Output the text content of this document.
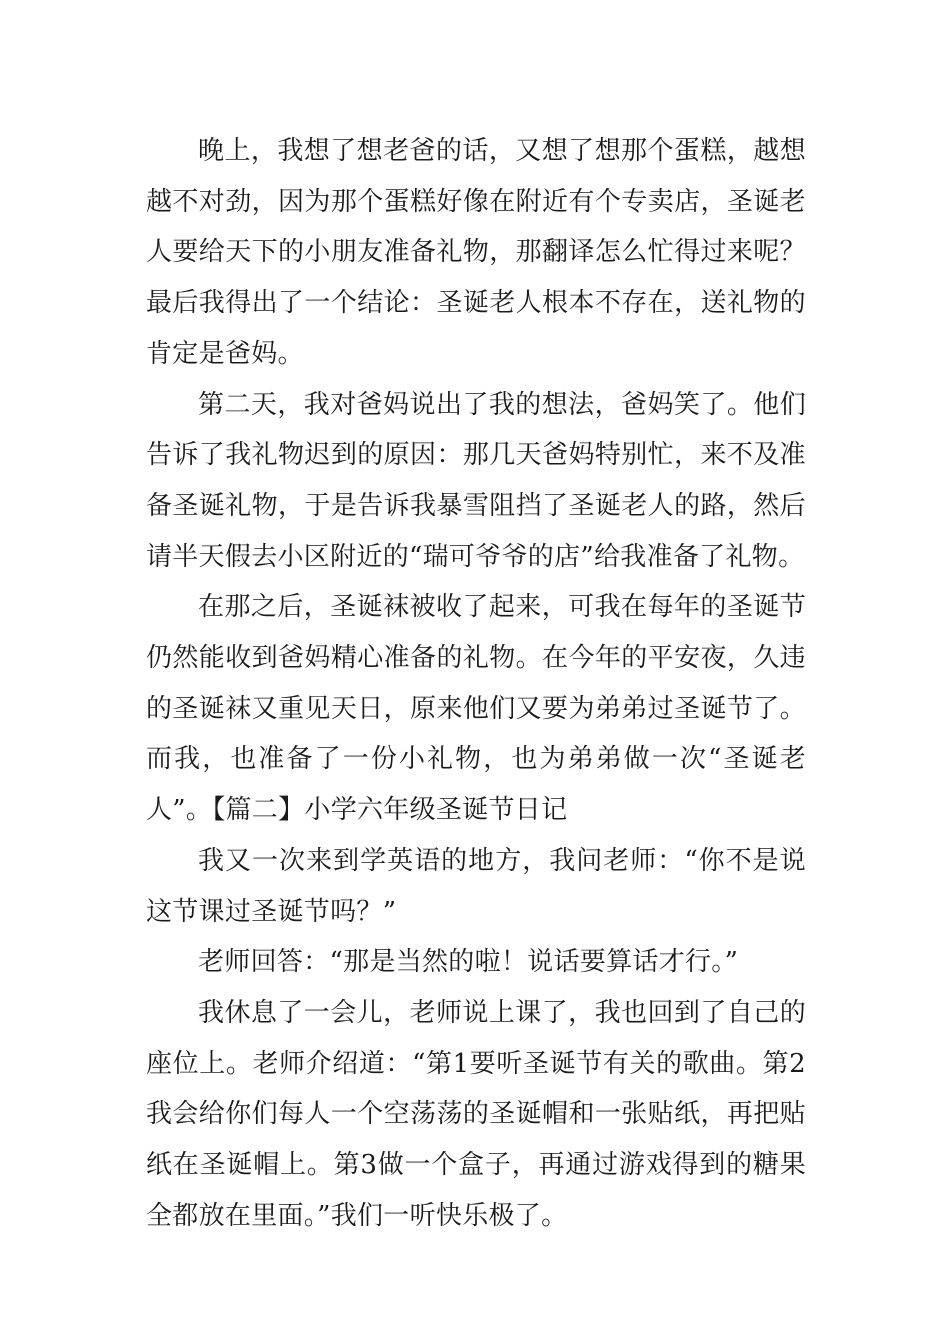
晚上，我想了想老爸的话，又想了想那个蛋糕，越想越不对劲，因为那个蛋糕好像在附近有个专卖店，圣诞老人要给天下的小朋友准备礼物，那翻译怎么忙得过来呢？最后我得出了一个结论：圣诞老人根本不存在，送礼物的肯定是爸妈。

第二天，我对爸妈说出了我的想法，爸妈笑了。他们告诉了我礼物迟到的原因：那几天爸妈特别忙，来不及准备圣诞礼物，于是告诉我暴雪阻挡了圣诞老人的路，然后请半天假去小区附近的“瑞可爷爷的店”给我准备了礼物。

在那之后，圣诞袜被收了起来，可我在每年的圣诞节仍然能收到爸妈精心准备的礼物。在今年的平安夜，久违的圣诞袜又重见天日，原来他们又要为弟弟过圣诞节了。而我，也准备了一份小礼物，也为弟弟做一次“圣诞老人”。【篇二】小学六年级圣诞节日记

我又一次来到学英语的地方，我问老师：“你不是说这节课过圣诞节吗？”

老师回答：“那是当然的啦！说话要算话才行。”

我休息了一会儿，老师说上课了，我也回到了自己的座位上。老师介绍道：“第1要听圣诞节有关的歌曲。第2我会给你们每人一个空荡荡的圣诞帽和一张贴纸，再把贴纸在圣诞帽上。第3做一个盒子，再通过游戏得到的糖果全都放在里面。”我们一听快乐极了。
